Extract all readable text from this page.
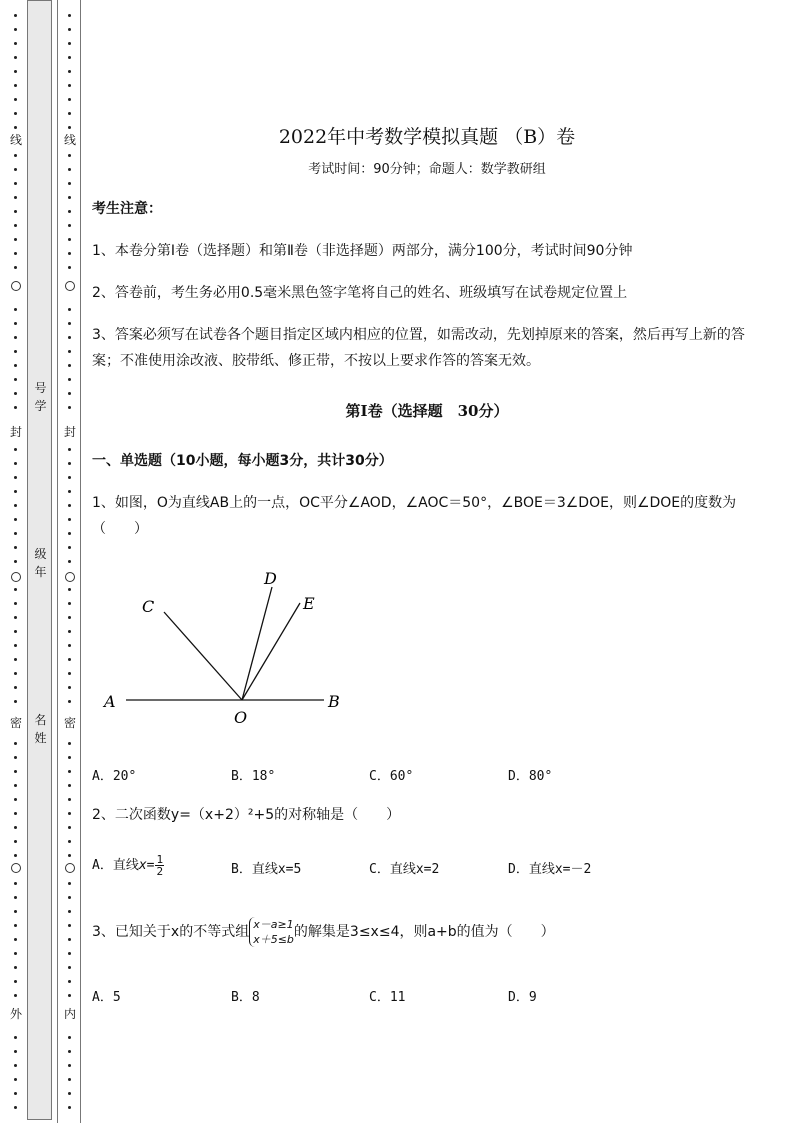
线
封
密
外
号学
级年
名姓
线
封
密
内
2022年中考数学模拟真题 （B）卷
考试时间：90分钟；命题人：数学教研组
考生注意：
1、本卷分第I卷（选择题）和第Ⅱ卷（非选择题）两部分，满分100分，考试时间90分钟
2、答卷前，考生务必用0.5毫米黑色签字笔将自己的姓名、班级填写在试卷规定位置上
3、答案必须写在试卷各个题目指定区域内相应的位置，如需改动，先划掉原来的答案，然后再写上新的答案；不准使用涂改液、胶带纸、修正带，不按以上要求作答的答案无效。
第I卷（选择题　30分）
一、单选题（10小题，每小题3分，共计30分）
1、如图，O为直线AB上的一点，OC平分∠AOD，∠AOC＝50°，∠BOE＝3∠DOE，则∠DOE的度数为（　　）
A	B
C
D
E
O
A．20°	B．18°	C．60°	D．80°
2、二次函数y=（x+2）²+5的对称轴是（　　）
A．直线$x= \frac{1}{2}$	B．直线x=5	C．直线x=2	D．直线x=－2
3、已知关于x的不等式组 x－a≥1
x＋5≤b 的解集是3≤x≤4，则a+b的值为（　　）
A．5	B．8	C．11	D．9
